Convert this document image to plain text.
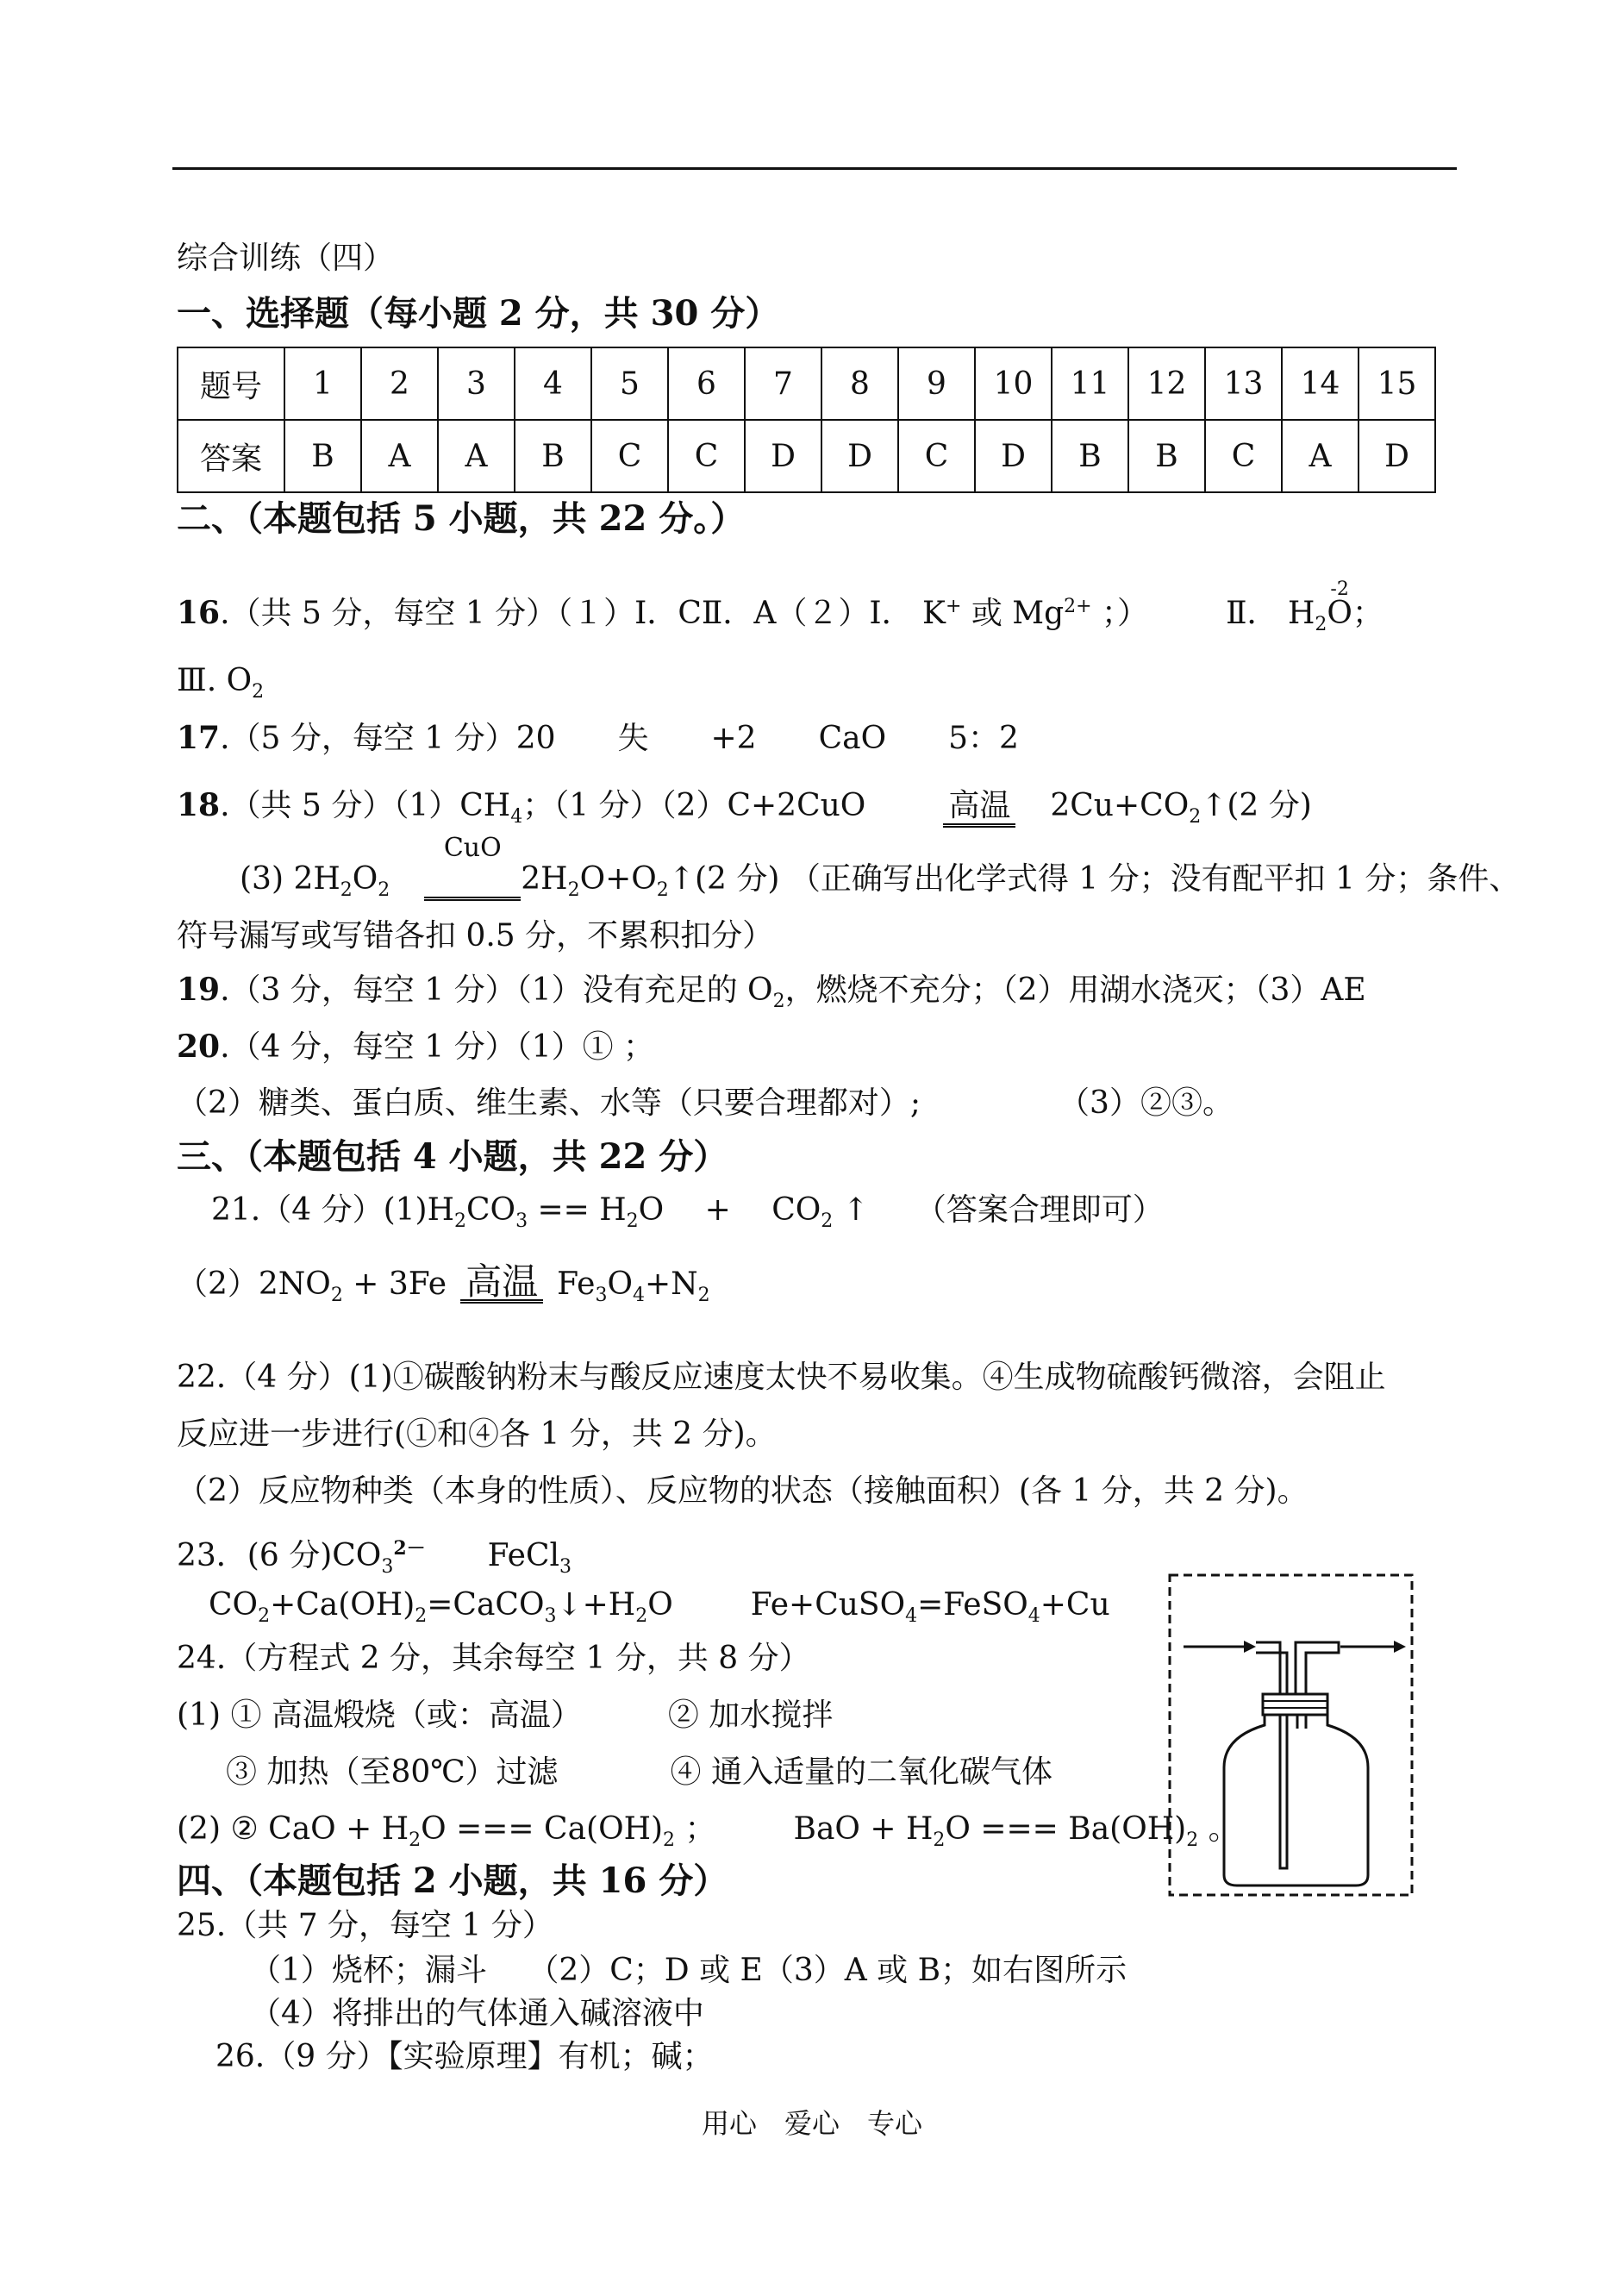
综合训练（四）
一、选择题（每小题 2 分，共 30 分）
题号	1	2	3	4	5	6	7	8	9	10	11	12	13	14	15
答案	B	A	A	B	C	C	D	D	C	D	B	B	C	A	D
二、（本题包括 5 小题，共 22 分。）
16.（共 5 分，每空 1 分）（１）Ⅰ．CⅡ．A（２）Ⅰ． K+ 或 $Mg^{2+}$ ；）	Ⅱ． $H_2$
-2
O；
Ⅲ. $O_2$
17.（5 分，每空 1 分）20　　失　　+2　　CaO　　5：2
18.（共 5 分）$(1)CH_4$；（1 分）（2）C+2CuO	高温 $2Cu+CO_2↑(2$ 分)
(3) $2H_2O_2$
CuO
$2H_2O+O_2↑(2$ 分) （正确写出化学式得 1 分；没有配平扣 1 分；条件、
符号漏写或写错各扣 0.5 分，不累积扣分）
19.（3 分，每空 1 分）（1）没有充足的 $O_2$，燃烧不充分；（2）用湖水浇灭；（3）AE
20.（4 分，每空 1 分）（1）① ；
（2）糖类、蛋白质、维生素、水等（只要合理都对）;	（3）②③。
三、（本题包括 4 小题，共 22 分）
21.（4 分）$(1)H_2CO_3 == H_2O$　 +　 $CO_2$ ↑　　（答案合理即可）
$(2)2NO_2 + 3Fe$ 高温 $Fe_3O_4+N_2$
22.（4 分）(1)①碳酸钠粉末与酸反应速度太快不易收集。④生成物硫酸钙微溶，会阻止
反应进一步进行(①和④各 1 分，共 2 分)。
（2）反应物种类（本身的性质）、反应物的状态（接触面积）(各 1 分，共 2 分)。
23．(6 分)$CO_3^{2-}$　　FeCl$_3$
$CO_2+Ca(OH)_2=CaCO_3↓+H_2O$	Fe+CuSO$_4$=FeSO$_4$+Cu
24.（方程式 2 分，其余每空 1 分，共 8 分）
(1) ① 高温煅烧（或：高温）	② 加水搅拌
③ 加热（至80℃）过滤	④ 通入适量的二氧化碳气体
(2) ② CaO + $H_2O$ === $Ca(OH)_2$ ；	BaO + $H_2O$ === $Ba(OH)_2$ 。
四、（本题包括 2 小题，共 16 分）
25.（共 7 分，每空 1 分）
（1）烧杯；漏斗　 （2）C；D 或 E（3）A 或 B；如右图所示
（4）将排出的气体通入碱溶液中
26.（9 分）【实验原理】有机；碱；
用心　爱心　专心
